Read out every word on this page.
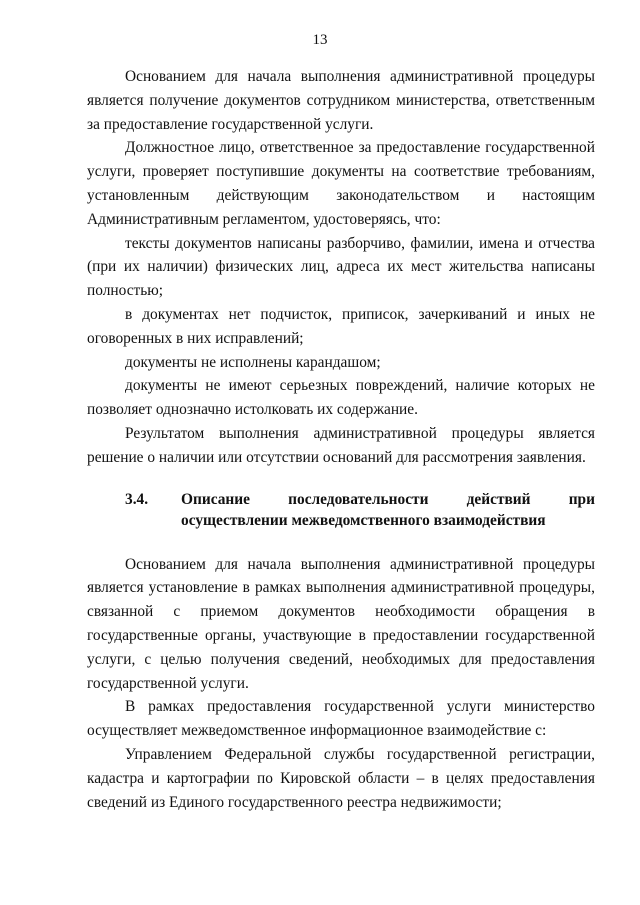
13

Основанием для начала выполнения административной процедуры является получение документов сотрудником министерства, ответственным за предоставление государственной услуги.

Должностное лицо, ответственное за предоставление государственной услуги, проверяет поступившие документы на соответствие требованиям, установленным действующим законодательством и настоящим Административным регламентом, удостоверяясь, что:

тексты документов написаны разборчиво, фамилии, имена и отчества (при их наличии) физических лиц, адреса их мест жительства написаны полностью;

в документах нет подчисток, приписок, зачеркиваний и иных не оговоренных в них исправлений;

документы не исполнены карандашом;

документы не имеют серьезных повреждений, наличие которых не позволяет однозначно истолковать их содержание.

Результатом выполнения административной процедуры является решение о наличии или отсутствии оснований для рассмотрения заявления.

3.4.	Описание последовательности действий при осуществлении межведомственного взаимодействия

Основанием для начала выполнения административной процедуры является установление в рамках выполнения административной процедуры, связанной с приемом документов необходимости обращения в государственные органы, участвующие в предоставлении государственной услуги, с целью получения сведений, необходимых для предоставления государственной услуги.

В рамках предоставления государственной услуги министерство осуществляет межведомственное информационное взаимодействие с:

Управлением Федеральной службы государственной регистрации, кадастра и картографии по Кировской области – в целях предоставления сведений из Единого государственного реестра недвижимости;
